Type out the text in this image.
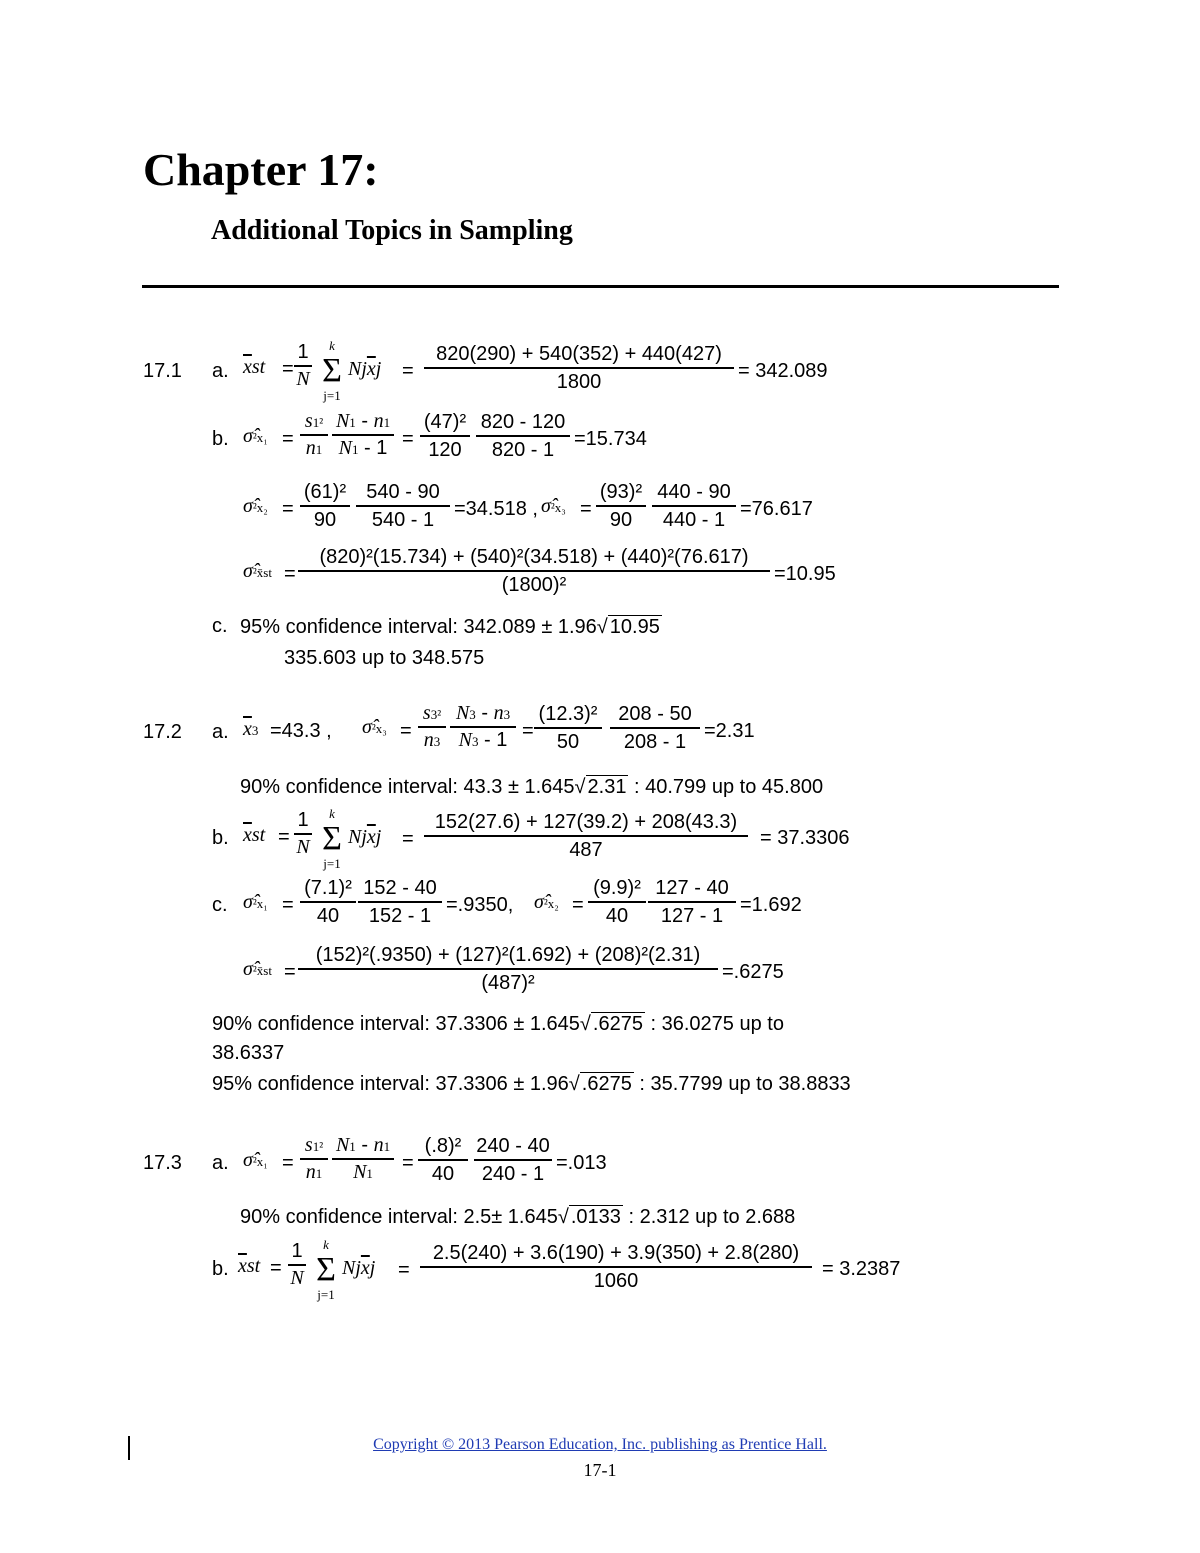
Chapter 17:
Additional Topics in Sampling
17.1 a. $\overline{x}st$ =
1
N
k
Σ
j=1
$Nj\overline{x}j$ =
820(290) + 540(352) + 440(427)
1800	= 342.089
b. σ̂²x₁ =
s1²
n1
N1 - n1
N1 - 1 =
(47)²
120
820 - 120
820 - 1 =15.734
σ̂²x₂ =
(61)²
90
540 - 90
540 - 1 =34.518 , σ̂²x₃ =
(93)²
90
440 - 90
440 - 1 =76.617
σ̂²x̄st =
(820)²(15.734) + (540)²(34.518) + (440)²(76.617)
(1800)²	=10.95
c. 95% confidence interval: 342.089 ± 1.96√ 10.95
335.603 up to 348.575
17.2 a. $\overline{x}3 =43.3$ , σ̂²x₃ =
s3²
n3
N3 - n3
N3 - 1 =
(12.3)²
50
208 - 50
208 - 1 =2.31
90% confidence interval: 43.3 ± 1.645√ 2.31 : 40.799 up to 45.800
b. $\overline{x}st$ =
1
N
k
Σ
j=1
$Nj\overline{x}j$ =
152(27.6) + 127(39.2) + 208(43.3)
487
= 37.3306
c. σ̂²x₁ =
(7.1)²
40
152 - 40
152 - 1 =.9350, σ̂²x₂ =
(9.9)²
40
127 - 40
127 - 1 =1.692
σ̂²x̄st =
(152)²(.9350) + (127)²(1.692) + (208)²(2.31)
(487)²	=.6275
90% confidence interval: 37.3306 ± 1.645√ .6275 : 36.0275 up to
38.6337
95% confidence interval: 37.3306 ± 1.96√ .6275 : 35.7799 up to 38.8833
17.3 a. σ̂²x₁ =
s1²
n1
N1 - n1
N1	=
(.8)²
40
240 - 40
240 - 1 =.013
90% confidence interval: 2.5± 1.645√ .0133 : 2.312 up to 2.688
b. $\overline{x}st$ =
1
N
k
Σ
j=1
$Nj\overline{x}j$ =
2.5(240) + 3.6(190) + 3.9(350) + 2.8(280)
1060
= 3.2387
Copyright © 2013 Pearson Education, Inc. publishing as Prentice Hall.
17-1
